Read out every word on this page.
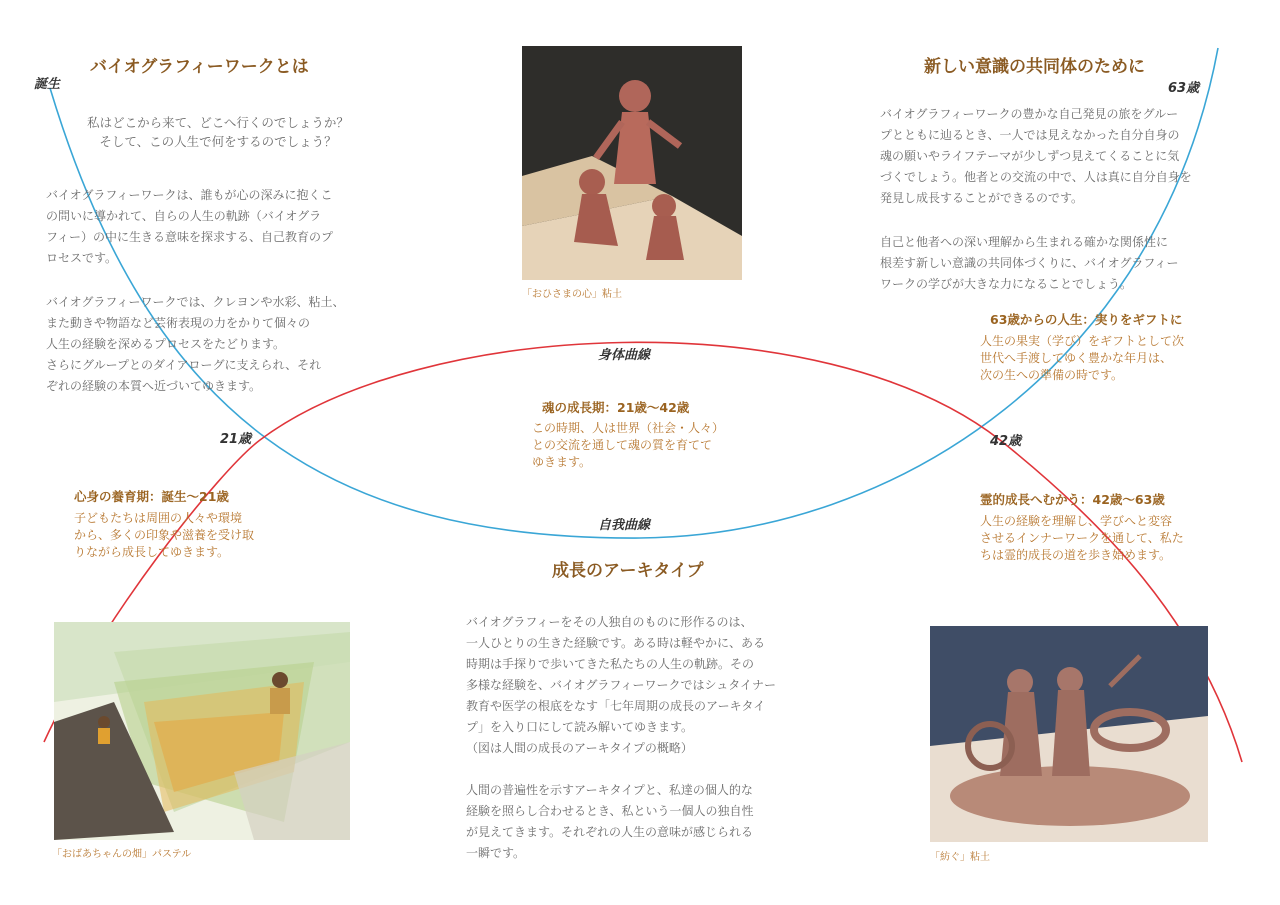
バイオグラフィーワークとは
誕生

私はどこから来て、どこへ行くのでしょうか？

そして、この人生で何をするのでしょう？

バイオグラフィーワークは、誰もが心の深みに抱くこ

の問いに導かれて、自らの人生の軌跡（バイオグラ

フィー）の中に生きる意味を探求する、自己教育のプ

ロセスです。

バイオグラフィーワークでは、クレヨンや水彩、粘土、

また動きや物語など芸術表現の力をかりて個々の

人生の経験を深めるプロセスをたどります。

さらにグループとのダイアローグに支えられ、それ

ぞれの経験の本質へ近づいてゆきます。

21歳
心身の養育期：誕生〜21歳

子どもたちは周囲の人々や環境

から、多くの印象や滋養を受け取

りながら成長してゆきます。

「おばあちゃんの畑」パステル
「おひさまの心」粘土
身体曲線
自我曲線
魂の成長期：21歳〜42歳

この時期、人は世界（社会・人々）

との交流を通して魂の質を育てて

ゆきます。

成長のアーキタイプ

バイオグラフィーをその人独自のものに形作るのは、

一人ひとりの生きた経験です。ある時は軽やかに、ある

時期は手探りで歩いてきた私たちの人生の軌跡。その

多様な経験を、バイオグラフィーワークではシュタイナー

教育や医学の根底をなす「七年周期の成長のアーキタイ

プ」を入り口にして読み解いてゆきます。

（図は人間の成長のアーキタイプの概略）

人間の普遍性を示すアーキタイプと、私達の個人的な

経験を照らし合わせるとき、私という一個人の独自性

が見えてきます。それぞれの人生の意味が感じられる

一瞬です。

新しい意識の共同体のために
63歳

バイオグラフィーワークの豊かな自己発見の旅をグルー

プとともに辿るとき、一人では見えなかった自分自身の

魂の願いやライフテーマが少しずつ見えてくることに気

づくでしょう。他者との交流の中で、人は真に自分自身を

発見し成長することができるのです。

自己と他者への深い理解から生まれる確かな関係性に

根差す新しい意識の共同体づくりに、バイオグラフィー

ワークの学びが大きな力になることでしょう。

63歳からの人生：実りをギフトに

人生の果実（学び）をギフトとして次

世代へ手渡してゆく豊かな年月は、

次の生への準備の時です。

42歳
霊的成長へむかう：42歳〜63歳

人生の経験を理解し、学びへと変容

させるインナーワークを通して、私た

ちは霊的成長の道を歩き始めます。

「紡ぐ」粘土
